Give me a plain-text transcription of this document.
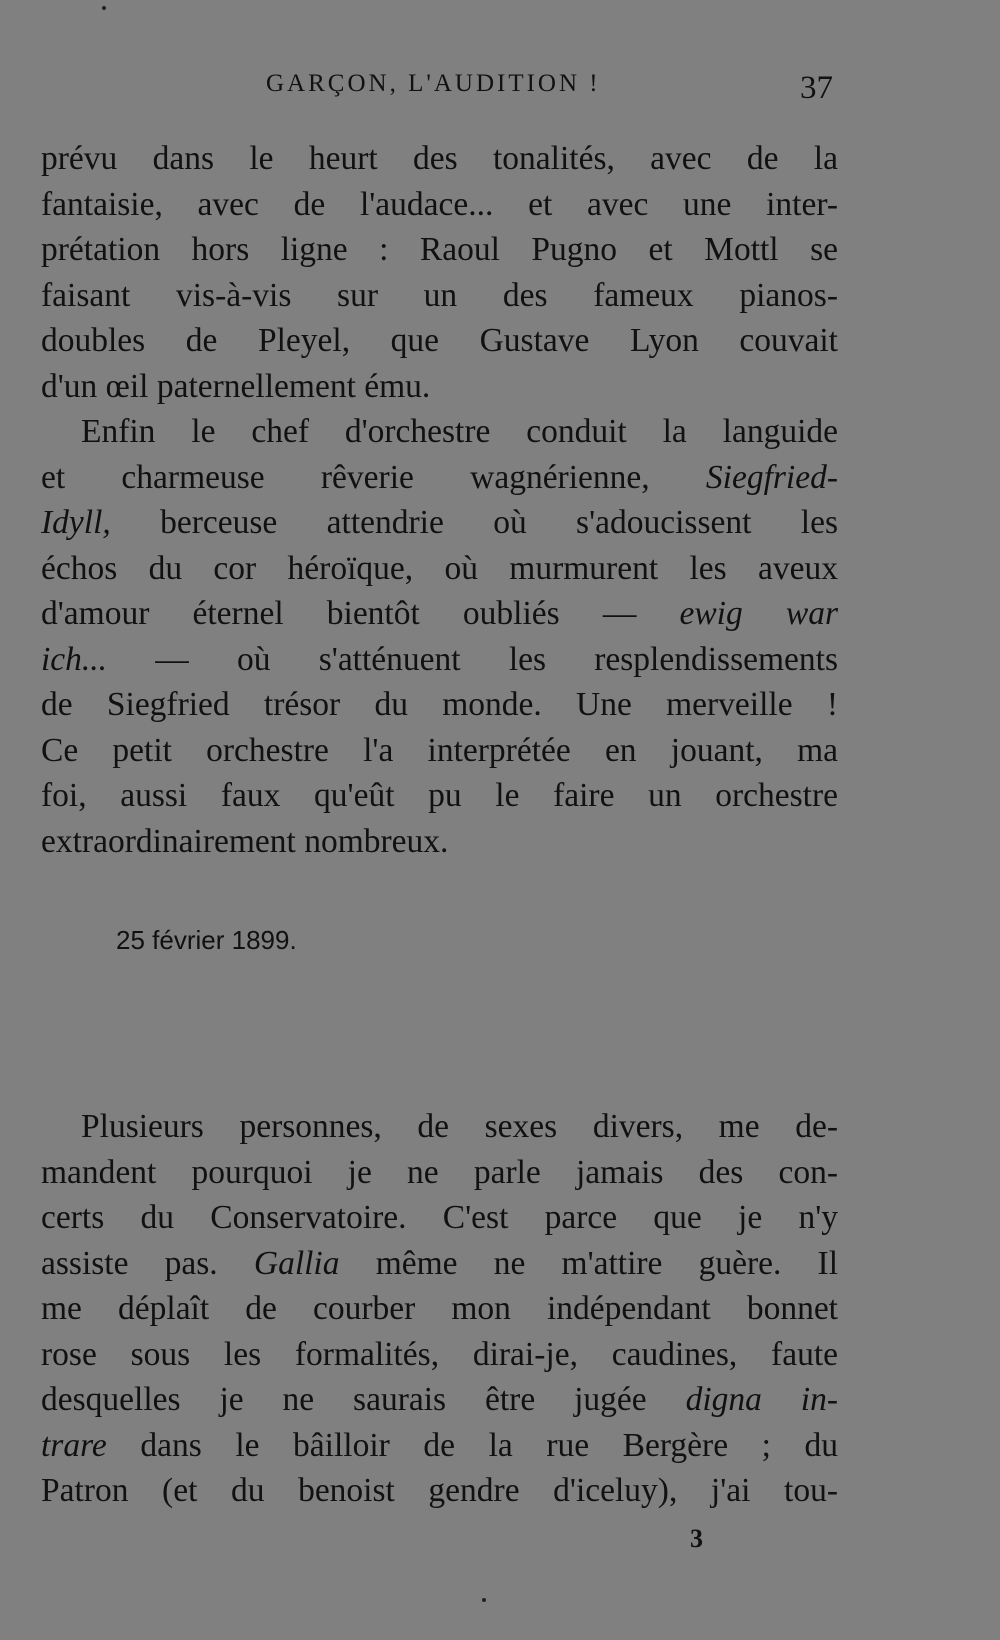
GARÇON, L'AUDITION !	37
prévu dans le heurt des tonalités, avec de la
fantaisie, avec de l'audace... et avec une inter-
prétation hors ligne : Raoul Pugno et Mottl se
faisant vis-à-vis sur un des fameux pianos-
doubles de Pleyel, que Gustave Lyon couvait
d'un œil paternellement ému.
Enfin le chef d'orchestre conduit la languide
et charmeuse rêverie wagnérienne, Siegfried-
Idyll, berceuse attendrie où s'adoucissent les
échos du cor héroïque, où murmurent les aveux
d'amour éternel bientôt oubliés — ewig war
ich... — où s'atténuent les resplendissements
de Siegfried trésor du monde. Une merveille !
Ce petit orchestre l'a interprétée en jouant, ma
foi, aussi faux qu'eût pu le faire un orchestre
extraordinairement nombreux.
25 février 1899.
Plusieurs personnes, de sexes divers, me de-
mandent pourquoi je ne parle jamais des con-
certs du Conservatoire. C'est parce que je n'y
assiste pas. Gallia même ne m'attire guère. Il
me déplaît de courber mon indépendant bonnet
rose sous les formalités, dirai-je, caudines, faute
desquelles je ne saurais être jugée digna in-
trare dans le bâilloir de la rue Bergère ; du
Patron (et du benoist gendre d'iceluy), j'ai tou-
3
